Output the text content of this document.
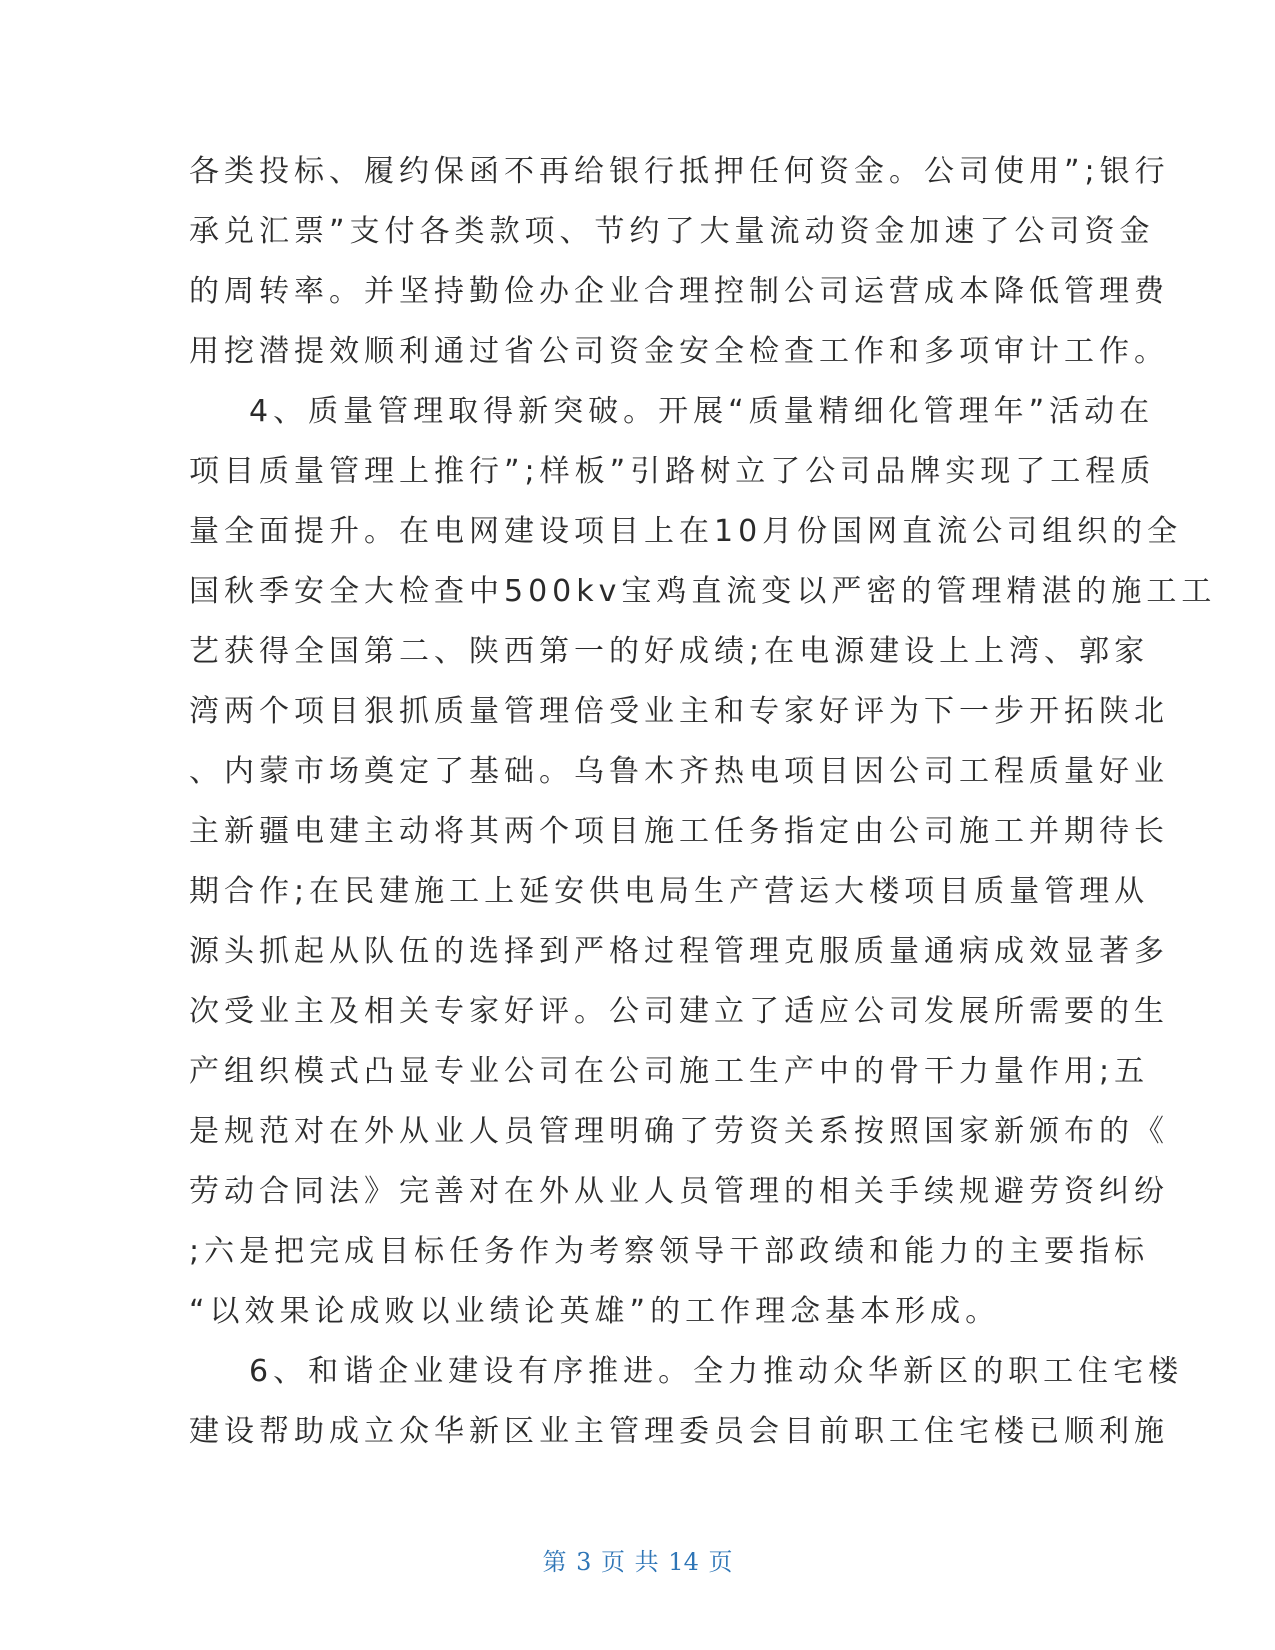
各类投标、履约保函不再给银行抵押任何资金。公司使用”;银行
承兑汇票”支付各类款项、节约了大量流动资金加速了公司资金
的周转率。并坚持勤俭办企业合理控制公司运营成本降低管理费
用挖潜提效顺利通过省公司资金安全检查工作和多项审计工作。
4、质量管理取得新突破。开展“质量精细化管理年”活动在
项目质量管理上推行”;样板”引路树立了公司品牌实现了工程质
量全面提升。在电网建设项目上在10月份国网直流公司组织的全
国秋季安全大检查中500kv宝鸡直流变以严密的管理精湛的施工工
艺获得全国第二、陕西第一的好成绩;在电源建设上上湾、郭家
湾两个项目狠抓质量管理倍受业主和专家好评为下一步开拓陕北
、内蒙市场奠定了基础。乌鲁木齐热电项目因公司工程质量好业
主新疆电建主动将其两个项目施工任务指定由公司施工并期待长
期合作;在民建施工上延安供电局生产营运大楼项目质量管理从
源头抓起从队伍的选择到严格过程管理克服质量通病成效显著多
次受业主及相关专家好评。公司建立了适应公司发展所需要的生
产组织模式凸显专业公司在公司施工生产中的骨干力量作用;五
是规范对在外从业人员管理明确了劳资关系按照国家新颁布的《
劳动合同法》完善对在外从业人员管理的相关手续规避劳资纠纷
;六是把完成目标任务作为考察领导干部政绩和能力的主要指标
“以效果论成败以业绩论英雄”的工作理念基本形成。
6、和谐企业建设有序推进。全力推动众华新区的职工住宅楼
建设帮助成立众华新区业主管理委员会目前职工住宅楼已顺利施
第 3 页 共 14 页
